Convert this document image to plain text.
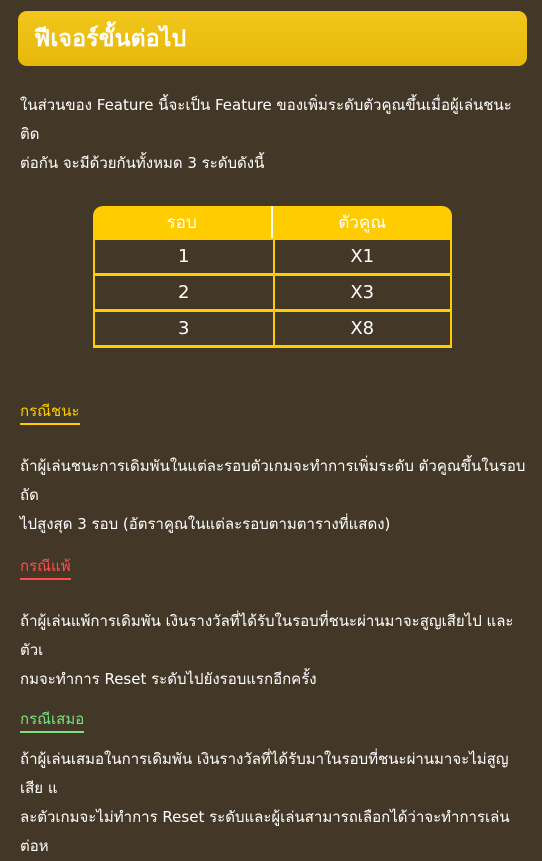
ฟีเจอร์ขั้นต่อไป

ในส่วนของ Feature นี้จะเป็น Feature ของเพิ่มระดับตัวคูณขึ้นเมื่อผู้เล่นชนะติด
ต่อกัน จะมีด้วยกันทั้งหมด 3 ระดับดังนี้

รอบ	ตัวคูณ
1	X1
2	X3
3	X8
กรณีชนะ

ถ้าผู้เล่นชนะการเดิมพันในแต่ละรอบตัวเกมจะทำการเพิ่มระดับ ตัวคูณขึ้นในรอบถัด
ไปสูงสุด 3 รอบ (อัตราคูณในแต่ละรอบตามตารางที่แสดง)

กรณีแพ้

ถ้าผู้เล่นแพ้การเดิมพัน เงินรางวัลที่ได้รับในรอบที่ชนะผ่านมาจะสูญเสียไป และตัวเ
กมจะทำการ Reset ระดับไปยังรอบแรกอีกครั้ง

กรณีเสมอ

ถ้าผู้เล่นเสมอในการเดิมพัน เงินรางวัลที่ได้รับมาในรอบที่ชนะผ่านมาจะไม่สูญเสีย แ
ละตัวเกมจะไม่ทำการ Reset ระดับและผู้เล่นสามารถเลือกได้ว่าจะทำการเล่นต่อห
